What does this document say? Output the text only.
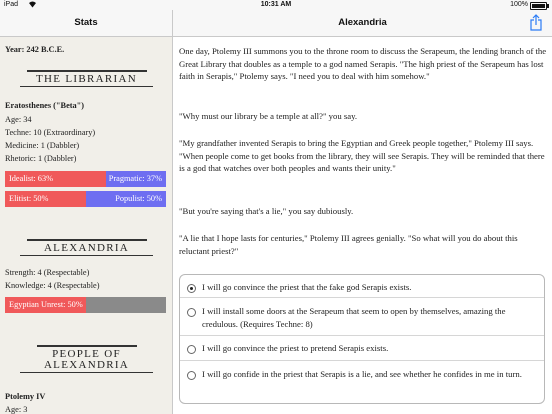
iPad	10:31 AM	100%
Stats	Alexandria
Year: 242 B.C.E.
THE LIBRARIAN
Eratosthenes ("Beta")
Age: 34
Techne: 10 (Extraordinary)
Medicine: 1 (Dabbler)
Rhetoric: 1 (Dabbler)
Idealist: 63%	Pragmatic: 37%
Elitist: 50%	Populist: 50%
ALEXANDRIA
Strength: 4 (Respectable)
Knowledge: 4 (Respectable)
Egyptian Unrest: 50%
PEOPLE OF ALEXANDRIA
Ptolemy IV
Age: 3

One day, Ptolemy III summons you to the throne room to discuss the Serapeum, the lending branch of the Great Library that doubles as a temple to a god named Serapis. "The high priest of the Serapeum has lost faith in Serapis," Ptolemy says. "I need you to deal with him somehow."

"Why must our library be a temple at all?" you say.

"My grandfather invented Serapis to bring the Egyptian and Greek people together," Ptolemy III says. "When people come to get books from the library, they will see Serapis. They will be reminded that there is a god that watches over both peoples and wants their unity."

"But you're saying that's a lie," you say dubiously.

"A lie that I hope lasts for centuries," Ptolemy III agrees genially. "So what will you do about this reluctant priest?"

I will go convince the priest that the fake god Serapis exists.
I will install some doors at the Serapeum that seem to open by themselves, amazing the credulous. (Requires Techne: 8)
I will go convince the priest to pretend Serapis exists.
I will go confide in the priest that Serapis is a lie, and see whether he confides in me in turn.
